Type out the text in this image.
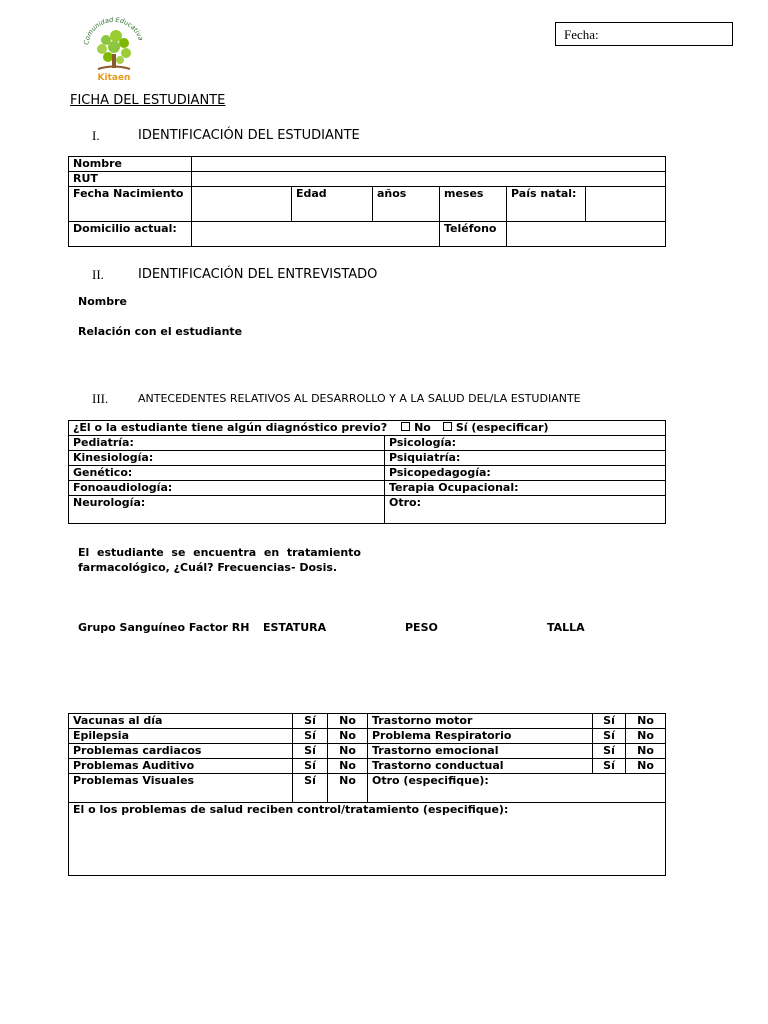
Fecha:
Comunidad Educativa
Kitaen
FICHA DEL ESTUDIANTE
I.	IDENTIFICACIÓN DEL ESTUDIANTE
Nombre						
RUT						
Fecha Nacimiento		Edad	años	meses	País natal:	
Domicilio actual:				Teléfono		
II.	IDENTIFICACIÓN DEL ENTREVISTADO
Nombre
Relación con el estudiante
III.	ANTECEDENTES RELATIVOS AL DESARROLLO Y A LA SALUD DEL/LA ESTUDIANTE
¿El o la estudiante tiene algún diagnóstico previo? No Sí (especificar)	
Pediatría:	Psicología:
Kinesiología:	Psiquiatría:
Genético:	Psicopedagogía:
Fonoaudiología:	Terapia Ocupacional:
Neurología:	Otro:
El estudiante se encuentra en tratamiento
farmacológico, ¿Cuál? Frecuencias- Dosis.
Grupo Sanguíneo Factor RH ESTATURA	PESO	TALLA
Vacunas al día	Sí	No	Trastorno motor	Sí	No
Epilepsia	Sí	No	Problema Respiratorio	Sí	No
Problemas cardiacos	Sí	No	Trastorno emocional	Sí	No
Problemas Auditivo	Sí	No	Trastorno conductual	Sí	No
Problemas Visuales	Sí	No	Otro (especifique):		
El o los problemas de salud reciben control/tratamiento (especifique):					
